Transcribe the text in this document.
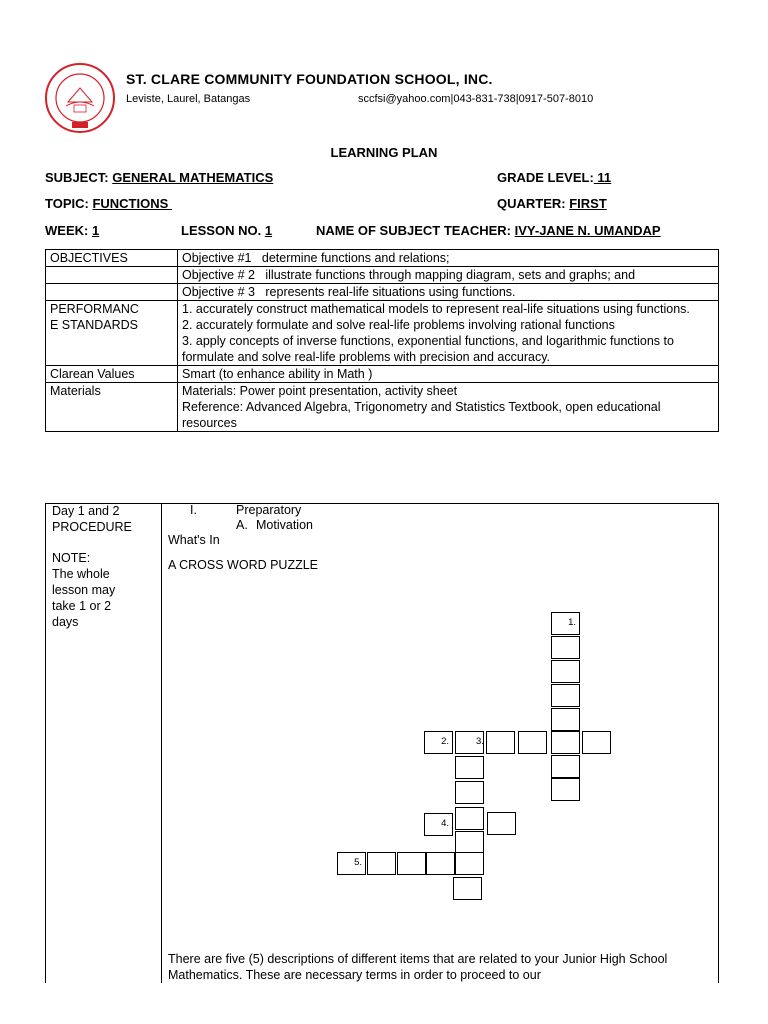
ST. CLARE COMMUNITY FOUNDATION SCHOOL, INC.
Leviste, Laurel, Batangas	sccfsi@yahoo.com|043-831-738|0917-507-8010
LEARNING PLAN
SUBJECT: GENERAL MATHEMATICS	GRADE LEVEL: 11
TOPIC: FUNCTIONS	QUARTER: FIRST
WEEK: 1	LESSON NO. 1	NAME OF SUBJECT TEACHER: IVY-JANE N. UMANDAP
OBJECTIVES	Objective #1   determine functions and relations;
	Objective # 2   illustrate functions through mapping diagram, sets and graphs; and
	Objective # 3   represents real-life situations using functions.

PERFORMANC
E STANDARDS	1. accurately construct mathematical models to represent real-life situations using functions.
2. accurately formulate and solve real-life problems involving rational functions
3. apply concepts of inverse functions, exponential functions, and logarithmic functions to formulate and solve real-life problems with precision and accuracy.

Clarean Values	Smart (to enhance ability in Math )
Materials	Materials: Power point presentation, activity sheet
Reference: Advanced Algebra, Trigonometry and Statistics Textbook, open educational resources
Day 1 and 2
PROCEDURE
NOTE:
The whole
lesson may
take 1 or 2
days
I.	Preparatory
A. Motivation
What's In
A CROSS WORD PUZZLE
1.
2.	3.
4.
5.
There are five (5) descriptions of different items that are related to your Junior High School Mathematics. These are necessary terms in order to proceed to our
